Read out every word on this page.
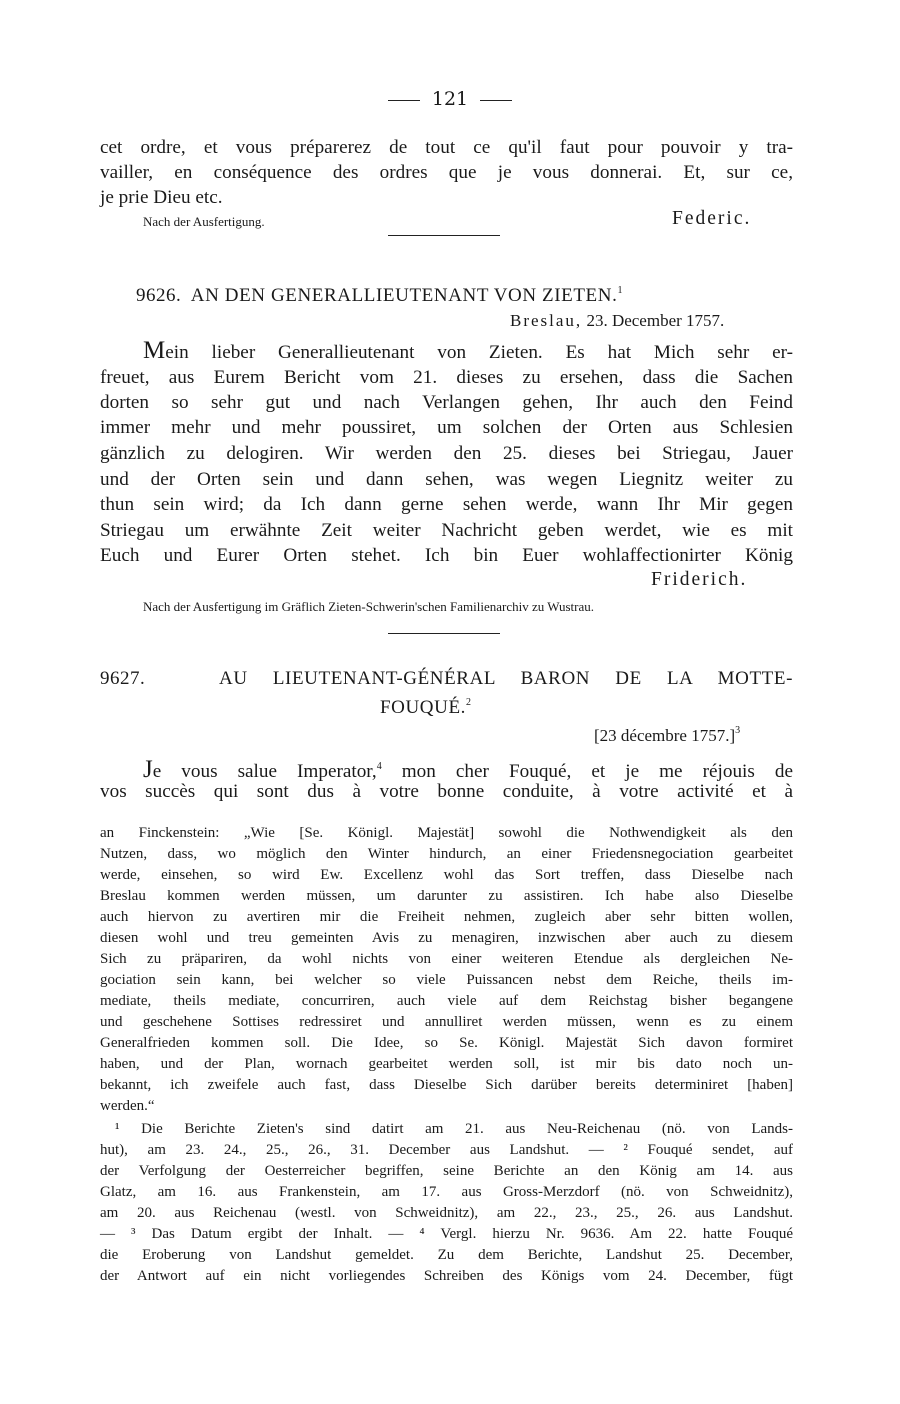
121
cet ordre, et vous préparerez de tout ce qu'il faut pour pouvoir y tra-
vailler, en conséquence des ordres que je vous donnerai. Et, sur ce,
je prie Dieu etc.
Nach der Ausfertigung.	Federic.
9626. AN DEN GENERALLIEUTENANT VON ZIETEN.$^1$
Breslau, 23. December 1757.
Mein lieber Generallieutenant von Zieten. Es hat Mich sehr er-
freuet, aus Eurem Bericht vom 21. dieses zu ersehen, dass die Sachen
dorten so sehr gut und nach Verlangen gehen, Ihr auch den Feind
immer mehr und mehr poussiret, um solchen der Orten aus Schlesien
gänzlich zu delogiren. Wir werden den 25. dieses bei Striegau, Jauer
und der Orten sein und dann sehen, was wegen Liegnitz weiter zu
thun sein wird; da Ich dann gerne sehen werde, wann Ihr Mir gegen
Striegau um erwähnte Zeit weiter Nachricht geben werdet, wie es mit
Euch und Eurer Orten stehet. Ich bin Euer wohlaffectionirter König
Friderich.
Nach der Ausfertigung im Gräflich Zieten-Schwerin'schen Familienarchiv zu Wustrau.
9627.	AU LIEUTENANT-GÉNÉRAL BARON DE LA MOTTE-
FOUQUÉ.$^2$
[23 décembre 1757.]$^3$
Je vous salue Imperator,$^4$ mon cher Fouqué, et je me réjouis de
vos succès qui sont dus à votre bonne conduite, à votre activité et à
an Finckenstein: „Wie [Se. Königl. Majestät] sowohl die Nothwendigkeit als den
Nutzen, dass, wo möglich den Winter hindurch, an einer Friedensnegociation gearbeitet
werde, einsehen, so wird Ew. Excellenz wohl das Sort treffen, dass Dieselbe nach
Breslau kommen werden müssen, um darunter zu assistiren. Ich habe also Dieselbe
auch hiervon zu avertiren mir die Freiheit nehmen, zugleich aber sehr bitten wollen,
diesen wohl und treu gemeinten Avis zu menagiren, inzwischen aber auch zu diesem
Sich zu präpariren, da wohl nichts von einer weiteren Etendue als dergleichen Ne-
gociation sein kann, bei welcher so viele Puissancen nebst dem Reiche, theils im-
mediate, theils mediate, concurriren, auch viele auf dem Reichstag bisher begangene
und geschehene Sottises redressiret und annulliret werden müssen, wenn es zu einem
Generalfrieden kommen soll. Die Idee, so Se. Königl. Majestät Sich davon formiret
haben, und der Plan, wornach gearbeitet werden soll, ist mir bis dato noch un-
bekannt, ich zweifele auch fast, dass Dieselbe Sich darüber bereits determiniret [haben]
werden.“
¹ Die Berichte Zieten's sind datirt am 21. aus Neu-Reichenau (nö. von Lands-
hut), am 23. 24., 25., 26., 31. December aus Landshut. — ² Fouqué sendet, auf
der Verfolgung der Oesterreicher begriffen, seine Berichte an den König am 14. aus
Glatz, am 16. aus Frankenstein, am 17. aus Gross-Merzdorf (nö. von Schweidnitz),
am 20. aus Reichenau (westl. von Schweidnitz), am 22., 23., 25., 26. aus Landshut.
— ³ Das Datum ergibt der Inhalt. — ⁴ Vergl. hierzu Nr. 9636. Am 22. hatte Fouqué
die Eroberung von Landshut gemeldet. Zu dem Berichte, Landshut 25. December,
der Antwort auf ein nicht vorliegendes Schreiben des Königs vom 24. December, fügt
